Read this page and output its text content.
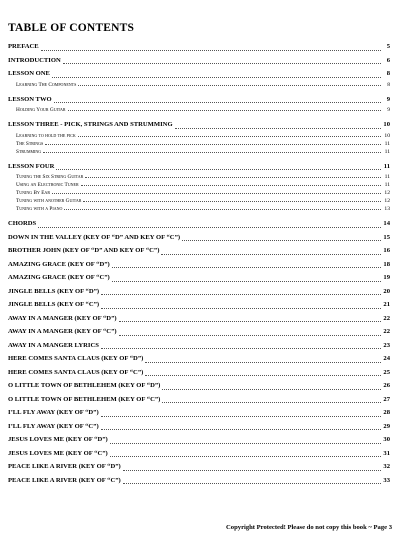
TABLE OF CONTENTS
PREFACE	5
INTRODUCTION	6
LESSON ONE	8
Learning The Components	8
LESSON TWO	9
Holding Your Guitar	9
LESSON THREE - PICK, STRINGS AND STRUMMING	10
Learning to hold the pick	10
The Strings	11
Strumming	11
LESSON FOUR	11
Tuning the Six String Guitar	11
Using an Electronic Tuner	11
Tuning By Ear	12
Tuning with another Guitar	12
Tuning with a Piano	13
CHORDS	14
DOWN IN THE VALLEY (KEY OF “D” AND KEY OF “C”)	15
BROTHER JOHN (KEY OF “D” AND KEY OF “C”)	16
AMAZING GRACE (KEY OF “D”)	18
AMAZING GRACE (KEY OF “C”)	19
JINGLE BELLS (KEY OF “D”)	20
JINGLE BELLS (KEY OF “C”)	21
AWAY IN A MANGER (KEY OF “D”)	22
AWAY IN A MANGER (KEY OF “C”)	22
AWAY IN A MANGER LYRICS	23
HERE COMES SANTA CLAUS (KEY OF “D”)	24
HERE COMES SANTA CLAUS (KEY OF “C”)	25
O LITTLE TOWN OF BETHLEHEM (KEY OF “D”)	26
O LITTLE TOWN OF BETHLEHEM (KEY OF “C”)	27
I’LL FLY AWAY (KEY OF “D”)	28
I’LL FLY AWAY (KEY OF “C”)	29
JESUS LOVES ME (KEY OF “D”)	30
JESUS LOVES ME (KEY OF “C”)	31
PEACE LIKE A RIVER (KEY OF “D”)	32
PEACE LIKE A RIVER (KEY OF “C”)	33
Copyright Protected! Please do not copy this book ~ Page 3
